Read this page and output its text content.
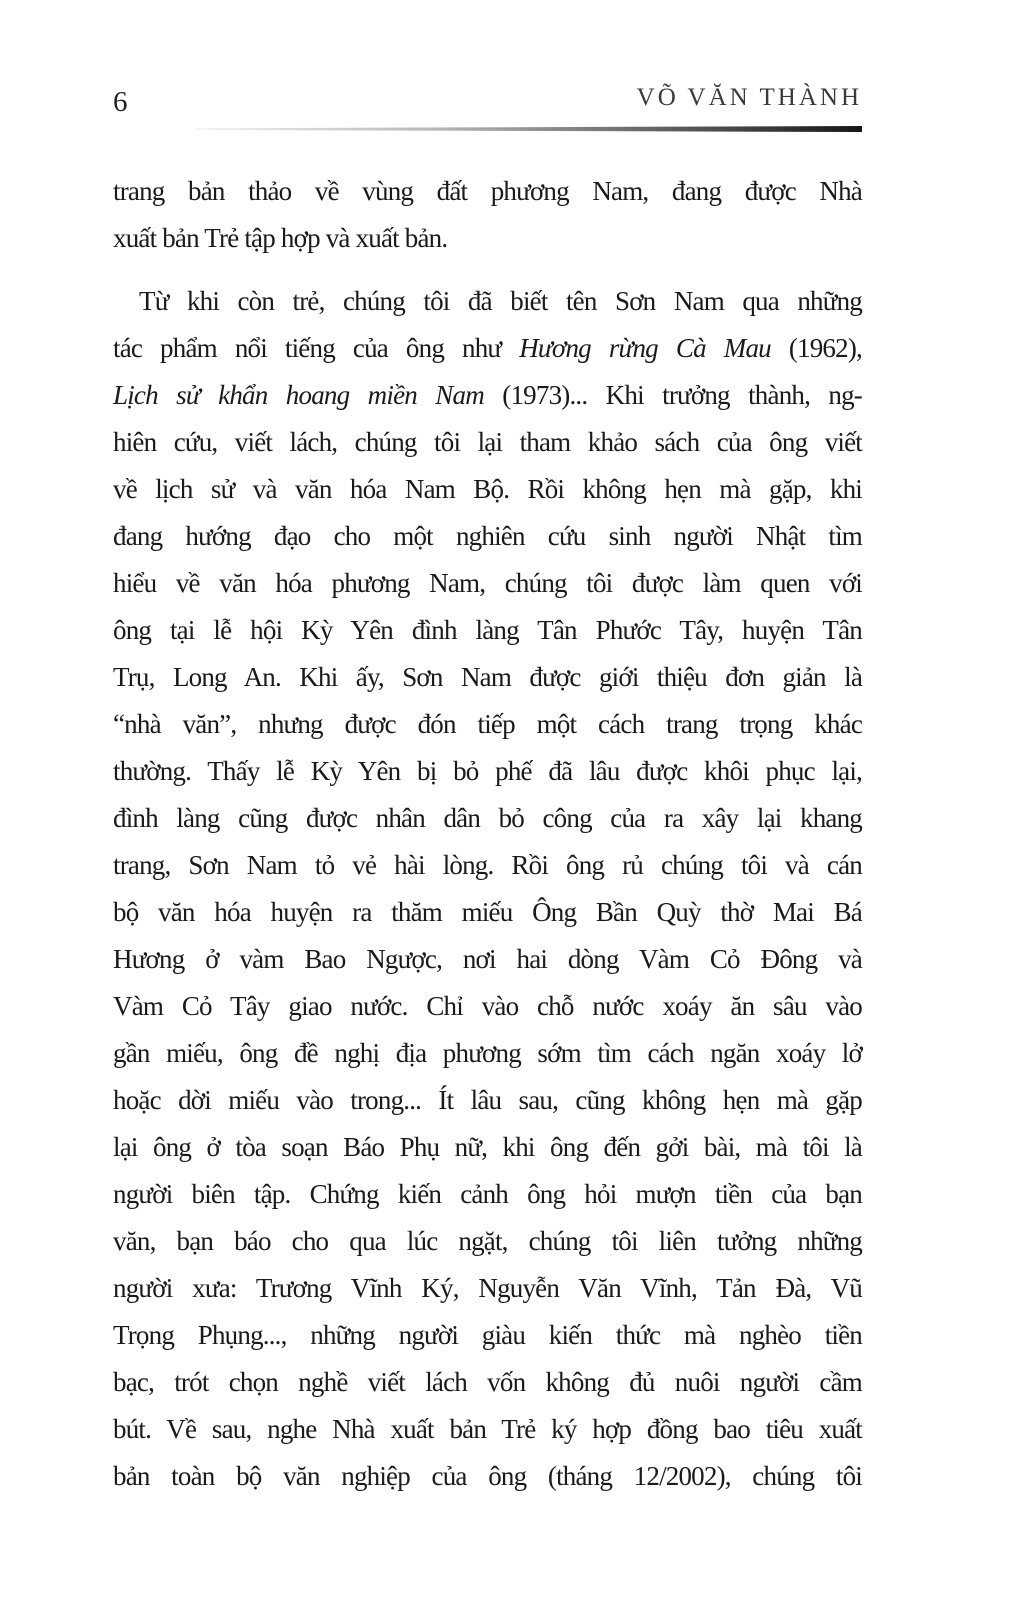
6	VÕ VĂN THÀNH
trang bản thảo về vùng đất phương Nam, đang được Nhà
xuất bản Trẻ tập hợp và xuất bản.
Từ khi còn trẻ, chúng tôi đã biết tên Sơn Nam qua những
tác phẩm nổi tiếng của ông như Hương rừng Cà Mau (1962),
Lịch sử khẩn hoang miền Nam (1973)... Khi trưởng thành, ng-
hiên cứu, viết lách, chúng tôi lại tham khảo sách của ông viết
về lịch sử và văn hóa Nam Bộ. Rồi không hẹn mà gặp, khi
đang hướng đạo cho một nghiên cứu sinh người Nhật tìm
hiểu về văn hóa phương Nam, chúng tôi được làm quen với
ông tại lễ hội Kỳ Yên đình làng Tân Phước Tây, huyện Tân
Trụ, Long An. Khi ấy, Sơn Nam được giới thiệu đơn giản là
“nhà văn”, nhưng được đón tiếp một cách trang trọng khác
thường. Thấy lễ Kỳ Yên bị bỏ phế đã lâu được khôi phục lại,
đình làng cũng được nhân dân bỏ công của ra xây lại khang
trang, Sơn Nam tỏ vẻ hài lòng. Rồi ông rủ chúng tôi và cán
bộ văn hóa huyện ra thăm miếu Ông Bần Quỳ thờ Mai Bá
Hương ở vàm Bao Ngược, nơi hai dòng Vàm Cỏ Đông và
Vàm Cỏ Tây giao nước. Chỉ vào chỗ nước xoáy ăn sâu vào
gần miếu, ông đề nghị địa phương sớm tìm cách ngăn xoáy lở
hoặc dời miếu vào trong... Ít lâu sau, cũng không hẹn mà gặp
lại ông ở tòa soạn Báo Phụ nữ, khi ông đến gởi bài, mà tôi là
người biên tập. Chứng kiến cảnh ông hỏi mượn tiền của bạn
văn, bạn báo cho qua lúc ngặt, chúng tôi liên tưởng những
người xưa: Trương Vĩnh Ký, Nguyễn Văn Vĩnh, Tản Đà, Vũ
Trọng Phụng..., những người giàu kiến thức mà nghèo tiền
bạc, trót chọn nghề viết lách vốn không đủ nuôi người cầm
bút. Về sau, nghe Nhà xuất bản Trẻ ký hợp đồng bao tiêu xuất
bản toàn bộ văn nghiệp của ông (tháng 12/2002), chúng tôi
